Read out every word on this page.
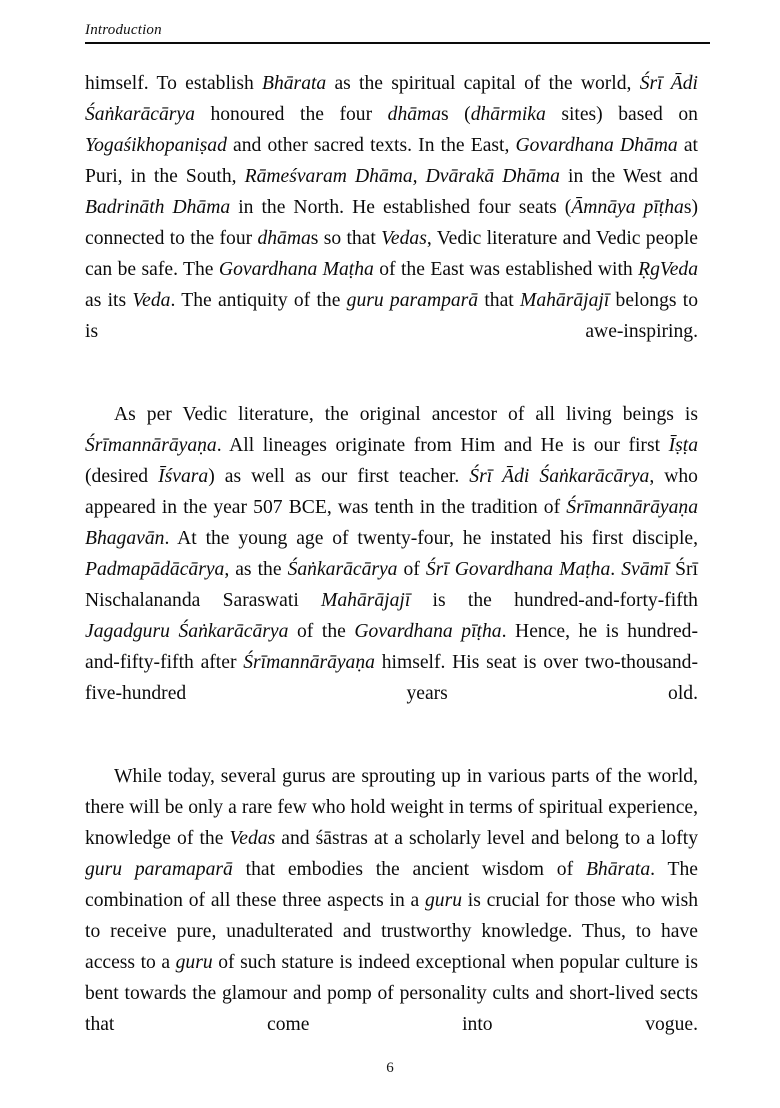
Introduction

himself. To establish Bhārata as the spiritual capital of the world, Śrī Ādi Śaṅkarācārya honoured the four dhāmas (dhārmika sites) based on Yogaśikhopaniṣad and other sacred texts. In the East, Govardhana Dhāma at Puri, in the South, Rāmeśvaram Dhāma, Dvārakā Dhāma in the West and Badrināth Dhāma in the North. He established four seats (Āmnāya pīṭhas) connected to the four dhāmas so that Vedas, Vedic literature and Vedic people can be safe. The Govardhana Maṭha of the East was established with ṚgVeda as its Veda. The antiquity of the guru paramparā that Mahārājajī belongs to is awe-inspiring.

As per Vedic literature, the original ancestor of all living beings is Śrīmannārāyaṇa. All lineages originate from Him and He is our first Īṣṭa (desired Īśvara) as well as our first teacher. Śrī Ādi Śaṅkarācārya, who appeared in the year 507 BCE, was tenth in the tradition of Śrīmannārāyaṇa Bhagavān. At the young age of twenty-four, he instated his first disciple, Padmapādācārya, as the Śaṅkarācārya of Śrī Govardhana Maṭha. Svāmī Śrī Nischalananda Saraswati Mahārājajī is the hundred-and-forty-fifth Jagadguru Śaṅkarācārya of the Govardhana pīṭha. Hence, he is hundred-and-fifty-fifth after Śrīmannārāyaṇa himself. His seat is over two-thousand-five-hundred years old.

While today, several gurus are sprouting up in various parts of the world, there will be only a rare few who hold weight in terms of spiritual experience, knowledge of the Vedas and śāstras at a scholarly level and belong to a lofty guru paramaparā that embodies the ancient wisdom of Bhārata. The combination of all these three aspects in a guru is crucial for those who wish to receive pure, unadulterated and trustworthy knowledge. Thus, to have access to a guru of such stature is indeed exceptional when popular culture is bent towards the glamour and pomp of personality cults and short-lived sects that come into vogue.

6
